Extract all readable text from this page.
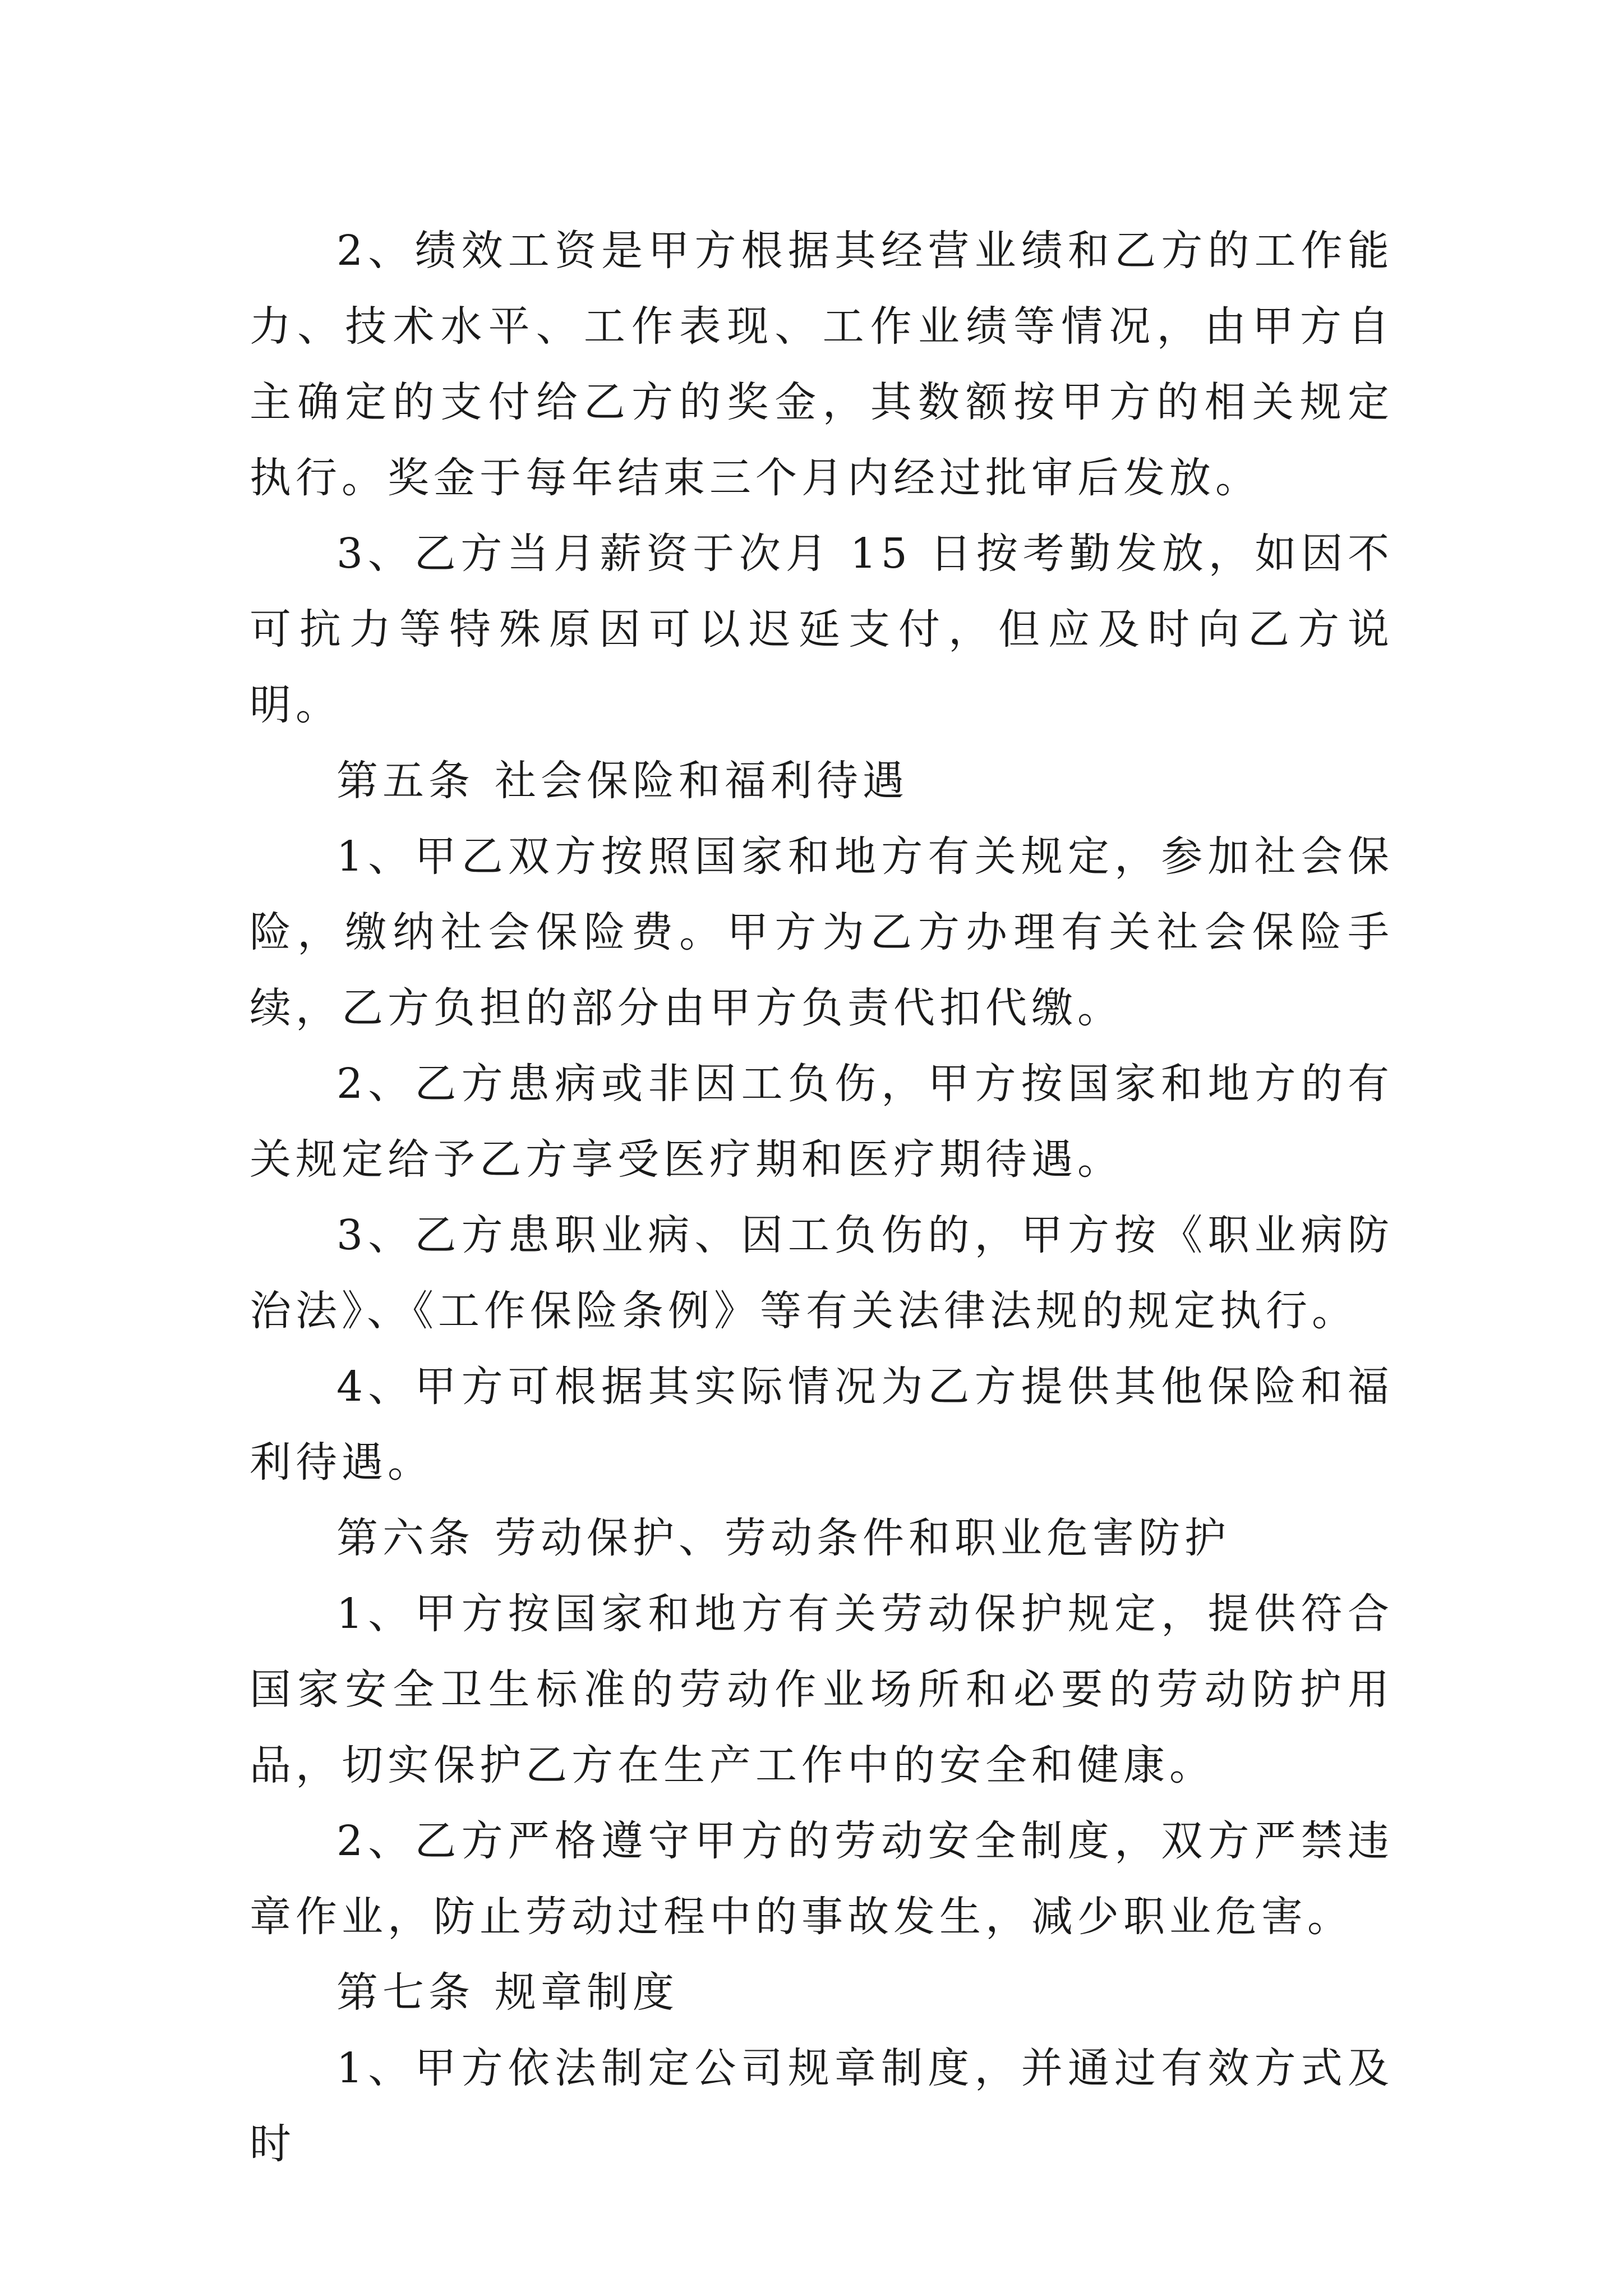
2、绩效工资是甲方根据其经营业绩和乙方的工作能力、技术水平、工作表现、工作业绩等情况，由甲方自主确定的支付给乙方的奖金，其数额按甲方的相关规定执行。奖金于每年结束三个月内经过批审后发放。

3、乙方当月薪资于次月 15 日按考勤发放，如因不可抗力等特殊原因可以迟延支付，但应及时向乙方说明。

第五条 社会保险和福利待遇

1、甲乙双方按照国家和地方有关规定，参加社会保险，缴纳社会保险费。甲方为乙方办理有关社会保险手续，乙方负担的部分由甲方负责代扣代缴。

2、乙方患病或非因工负伤，甲方按国家和地方的有关规定给予乙方享受医疗期和医疗期待遇。

3、乙方患职业病、因工负伤的，甲方按《职业病防治法》、《工作保险条例》等有关法律法规的规定执行。

4、甲方可根据其实际情况为乙方提供其他保险和福利待遇。

第六条 劳动保护、劳动条件和职业危害防护

1、甲方按国家和地方有关劳动保护规定，提供符合国家安全卫生标准的劳动作业场所和必要的劳动防护用品，切实保护乙方在生产工作中的安全和健康。

2、乙方严格遵守甲方的劳动安全制度，双方严禁违章作业，防止劳动过程中的事故发生，减少职业危害。

第七条 规章制度

1、甲方依法制定公司规章制度，并通过有效方式及时
